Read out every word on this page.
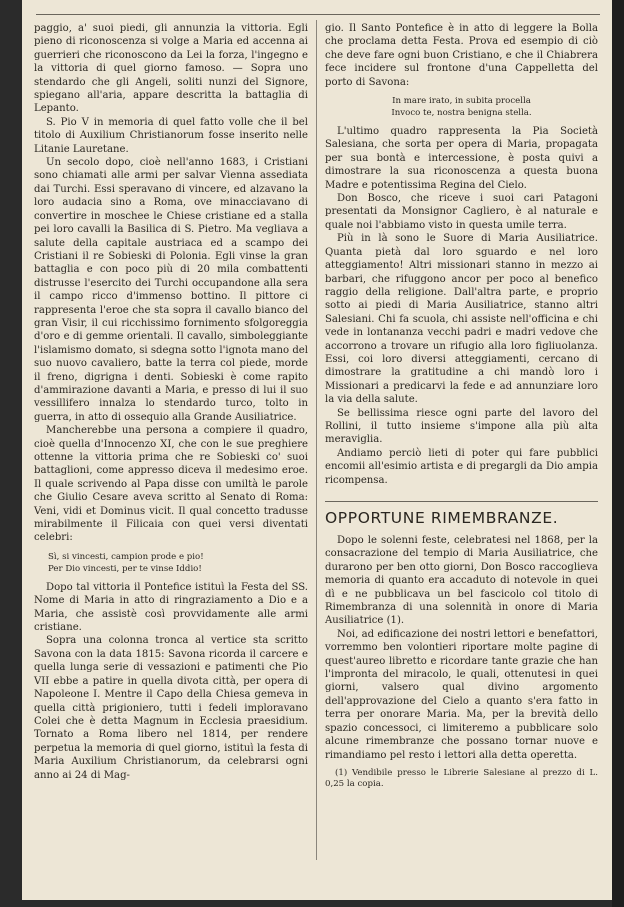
paggio, a' suoi piedi, gli annunzia la vittoria. Egli pieno di riconoscenza si volge a Maria ed accenna ai guerrieri che riconoscono da Lei la forza, l'ingegno e la vittoria di quel giorno famoso. — Sopra uno stendardo che gli Angeli, soliti nunzi del Signore, spiegano all'aria, appare descritta la battaglia di Lepanto.

S. Pio V in memoria di quel fatto volle che il bel titolo di Auxilium Christianorum fosse inserito nelle Litanie Lauretane.

Un secolo dopo, cioè nell'anno 1683, i Cristiani sono chiamati alle armi per salvar Vienna assediata dai Turchi. Essi speravano di vincere, ed alzavano la loro audacia sino a Roma, ove minacciavano di convertire in moschee le Chiese cristiane ed a stalla pei loro cavalli la Basilica di S. Pietro. Ma vegliava a salute della capitale austriaca ed a scampo dei Cristiani il re Sobieski di Polonia. Egli vinse la gran battaglia e con poco più di 20 mila combattenti distrusse l'esercito dei Turchi occupandone alla sera il campo ricco d'immenso bottino. Il pittore ci rappresenta l'eroe che sta sopra il cavallo bianco del gran Visir, il cui ricchissimo fornimento sfolgoreggia d'oro e di gemme orientali. Il cavallo, simboleggiante l'islamismo domato, si sdegna sotto l'ignota mano del suo nuovo cavaliero, batte la terra col piede, morde il freno, digrigna i denti. Sobieski è come rapito d'ammirazione davanti a Maria, e presso di lui il suo vessillifero innalza lo stendardo turco, tolto in guerra, in atto di ossequio alla Grande Ausiliatrice.

Mancherebbe una persona a compiere il quadro, cioè quella d'Innocenzo XI, che con le sue preghiere ottenne la vittoria prima che re Sobieski co' suoi battaglioni, come appresso diceva il medesimo eroe. Il quale scrivendo al Papa disse con umiltà le parole che Giulio Cesare aveva scritto al Senato di Roma: Veni, vidi et Dominus vicit. Il qual concetto tradusse mirabilmente il Filicaia con quei versi diventati celebri:

Sì, si vincesti, campion prode e pio!
Per Dio vincesti, per te vinse Iddio!

Dopo tal vittoria il Pontefice istituì la Festa del SS. Nome di Maria in atto di ringraziamento a Dio e a Maria, che assistè così provvidamente alle armi cristiane.

Sopra una colonna tronca al vertice sta scritto Savona con la data 1815: Savona ricorda il carcere e quella lunga serie di vessazioni e patimenti che Pio VII ebbe a patire in quella divota città, per opera di Napoleone I. Mentre il Capo della Chiesa gemeva in quella città prigioniero, tutti i fedeli imploravano Colei che è detta Magnum in Ecclesia praesidium. Tornato a Roma libero nel 1814, per rendere perpetua la memoria di quel giorno, istituì la festa di Maria Auxilium Christianorum, da celebrarsi ogni anno ai 24 di Mag-

gio. Il Santo Pontefice è in atto di leggere la Bolla che proclama detta Festa. Prova ed esempio di ciò che deve fare ogni buon Cristiano, e che il Chiabrera fece incidere sul frontone d'una Cappelletta del porto di Savona:

In mare irato, in subita procella
Invoco te, nostra benigna stella.

L'ultimo quadro rappresenta la Pia Società Salesiana, che sorta per opera di Maria, propagata per sua bontà e intercessione, è posta quivi a dimostrare la sua riconoscenza a questa buona Madre e potentissima Regina del Cielo.

Don Bosco, che riceve i suoi cari Patagoni presentati da Monsignor Cagliero, è al naturale e quale noi l'abbiamo visto in questa umile terra.

Più in là sono le Suore di Maria Ausiliatrice. Quanta pietà dal loro sguardo e nel loro atteggiamento! Altri missionari stanno in mezzo ai barbari, che rifuggono ancor per poco al benefico raggio della religione. Dall'altra parte, e proprio sotto ai piedi di Maria Ausiliatrice, stanno altri Salesiani. Chi fa scuola, chi assiste nell'officina e chi vede in lontananza vecchi padri e madri vedove che accorrono a trovare un rifugio alla loro figliuolanza. Essi, coi loro diversi atteggiamenti, cercano di dimostrare la gratitudine a chi mandò loro i Missionari a predicarvi la fede e ad annunziare loro la via della salute.

Se bellissima riesce ogni parte del lavoro del Rollini, il tutto insieme s'impone alla più alta meraviglia.

Andiamo perciò lieti di poter qui fare pubblici encomii all'esimio artista e di pregargli da Dio ampia ricompensa.

OPPORTUNE RIMEMBRANZE.

Dopo le solenni feste, celebratesi nel 1868, per la consacrazione del tempio di Maria Ausiliatrice, che durarono per ben otto giorni, Don Bosco raccoglieva memoria di quanto era accaduto di notevole in quei dì e ne pubblicava un bel fascicolo col titolo di Rimembranza di una solennità in onore di Maria Ausiliatrice (1).

Noi, ad edificazione dei nostri lettori e benefattori, vorremmo ben volontieri riportare molte pagine di quest'aureo libretto e ricordare tante grazie che han l'impronta del miracolo, le quali, ottenutesi in quei giorni, valsero qual divino argomento dell'approvazione del Cielo a quanto s'era fatto in terra per onorare Maria. Ma, per la brevità dello spazio concessoci, ci limiteremo a pubblicare solo alcune rimembranze che possano tornar nuove e rimandiamo pel resto i lettori alla detta operetta.

(1) Vendibile presso le Librerie Salesiane al prezzo di L. 0,25 la copia.
